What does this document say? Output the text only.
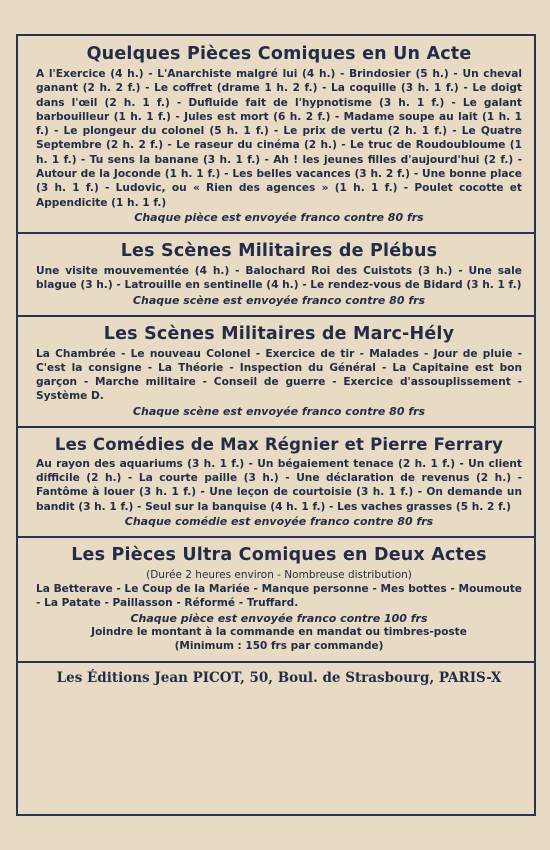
Quelques Pièces Comiques en Un Acte

A l'Exercice (4 h.) - L'Anarchiste malgré lui (4 h.) - Brindosier (5 h.) - Un cheval ganant (2 h. 2 f.) - Le coffret (drame 1 h. 2 f.) - La coquille (3 h. 1 f.) - Le doigt dans l'œil (2 h. 1 f.) - Dufluide fait de l'hypnotisme (3 h. 1 f.) - Le galant barbouilleur (1 h. 1 f.) - Jules est mort (6 h. 2 f.) - Madame soupe au lait (1 h. 1 f.) - Le plongeur du colonel (5 h. 1 f.) - Le prix de vertu (2 h. 1 f.) - Le Quatre Septembre (2 h. 2 f.) - Le raseur du cinéma (2 h.) - Le truc de Roudoubloume (1 h. 1 f.) - Tu sens la banane (3 h. 1 f.) - Ah ! les jeunes filles d'aujourd'hui (2 f.) - Autour de la Joconde (1 h. 1 f.) - Les belles vacances (3 h. 2 f.) - Une bonne place (3 h. 1 f.) - Ludovic, ou « Rien des agences » (1 h. 1 f.) - Poulet cocotte et Appendicite (1 h. 1 f.)

Chaque pièce est envoyée franco contre 80 frs
Les Scènes Militaires de Plébus

Une visite mouvementée (4 h.) - Balochard Roi des Cuistots (3 h.) - Une sale blague (3 h.) - Latrouille en sentinelle (4 h.) - Le rendez-vous de Bidard (3 h. 1 f.)

Chaque scène est envoyée franco contre 80 frs
Les Scènes Militaires de Marc-Hély

La Chambrée - Le nouveau Colonel - Exercice de tir - Malades - Jour de pluie - C'est la consigne - La Théorie - Inspection du Général - La Capitaine est bon garçon - Marche militaire - Conseil de guerre - Exercice d'assouplissement - Système D.

Chaque scène est envoyée franco contre 80 frs
Les Comédies de Max Régnier et Pierre Ferrary

Au rayon des aquariums (3 h. 1 f.) - Un bégaiement tenace (2 h. 1 f.) - Un client difficile (2 h.) - La courte paille (3 h.) - Une déclaration de revenus (2 h.) - Fantôme à louer (3 h. 1 f.) - Une leçon de courtoisie (3 h. 1 f.) - On demande un bandit (3 h. 1 f.) - Seul sur la banquise (4 h. 1 f.) - Les vaches grasses (5 h. 2 f.)

Chaque comédie est envoyée franco contre 80 frs
Les Pièces Ultra Comiques en Deux Actes
(Durée 2 heures environ - Nombreuse distribution)

La Betterave - Le Coup de la Mariée - Manque personne - Mes bottes - Moumoute - La Patate - Paillasson - Réformé - Truffard.

Chaque pièce est envoyée franco contre 100 frs
Joindre le montant à la commande en mandat ou timbres-poste
(Minimum : 150 frs par commande)
Les Éditions Jean PICOT, 50, Boul. de Strasbourg, PARIS-X
